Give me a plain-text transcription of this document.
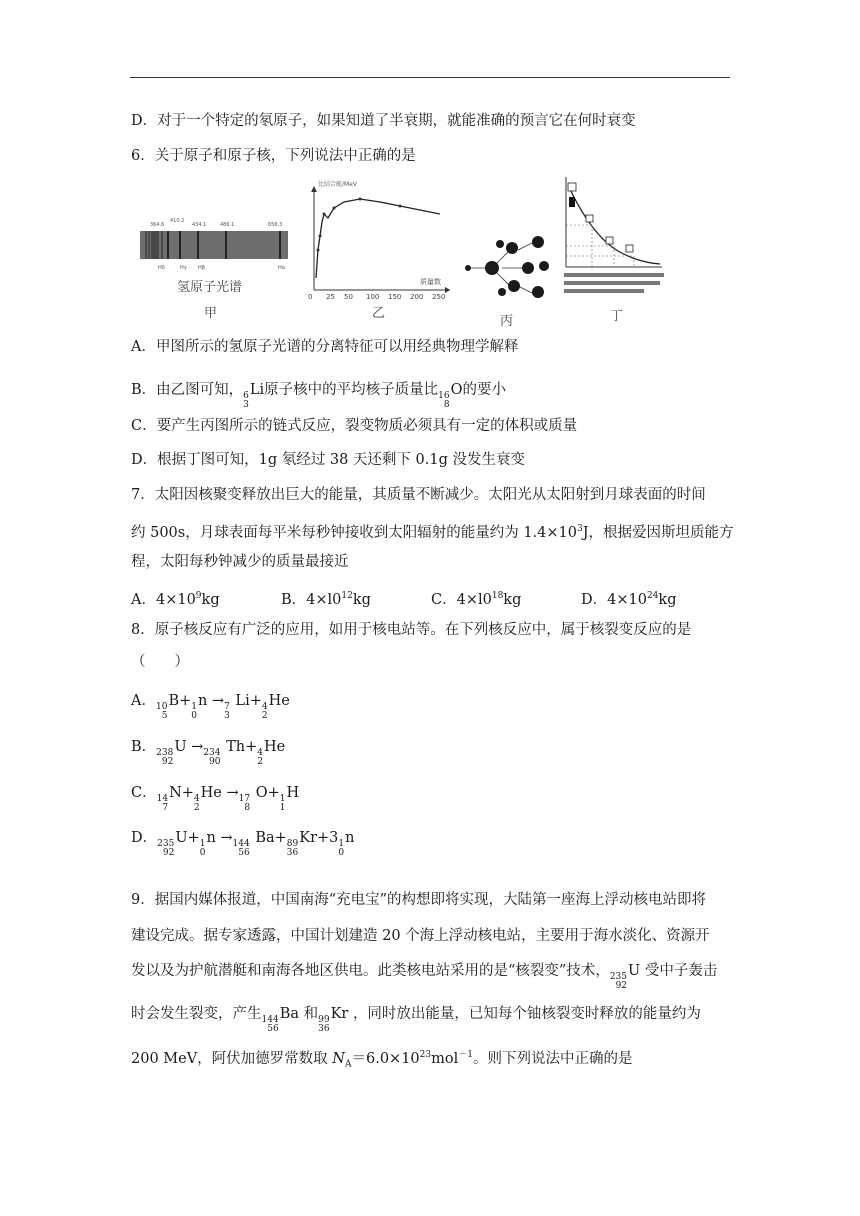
D．对于一个特定的氡原子，如果知道了半衰期，就能准确的预言它在何时衰变
6．关于原子和原子核，下列说法中正确的是
364.6
410.2
434.1	486.1	656.3
Hδ	Hγ Hβ	Hα
氢原子光谱
甲
比结合能/MeV
质量数
0 25 50 100 150 200 250
乙
丙	丁
A．甲图所示的氢原子光谱的分离特征可以用经典物理学解释
B．由乙图可知， 6
3
Li原子核中的平均核子质量比 16
8
O的要小
C．要产生丙图所示的链式反应，裂变物质必须具有一定的体积或质量
D．根据丁图可知，1g 氡经过 38 天还剩下 0.1g 没发生衰变
7．太阳因核聚变释放出巨大的能量，其质量不断减少。太阳光从太阳射到月球表面的时间
约 500s，月球表面每平米每秒钟接收到太阳辐射的能量约为 $1.4\times 10^3J$，根据爱因斯坦质能方
程，太阳每秒钟减少的质量最接近
A．$4\times 10^9kg$	B．$4\times l0^{12}kg$	C．$4\times l0^{18}kg$	D．$4\times 10^{24}kg$
8．原子核反应有广泛的应用，如用于核电站等。在下列核反应中，属于核裂变反应的是
（　　）
A． 10
5
B+ 1
0
n → 7
3
Li+ 4
2
He
B． 238
92
U → 234
90
Th+ 4
2
He
C． 14
7
N+ 4
2
He → 17
8
O+ 1
1
H
D． 235
92
U+ 1
0
n → 144
56
Ba+ 89
36
Kr+3 1
0
n
9．据国内媒体报道，中国南海“充电宝”的构想即将实现，大陆第一座海上浮动核电站即将
建设完成。据专家透露，中国计划建造 20 个海上浮动核电站，主要用于海水淡化、资源开
发以及为护航潜艇和南海各地区供电。此类核电站采用的是“核裂变”技术， 235
92
U 受中子轰击
时会发生裂变，产生 144
56
Ba 和 99
36
Kr ，同时放出能量，已知每个铀核裂变时释放的能量约为
200 MeV，阿伏加德罗常数取 $N_A=6.0\times 10^{23}mol^{-1}$。则下列说法中正确的是
